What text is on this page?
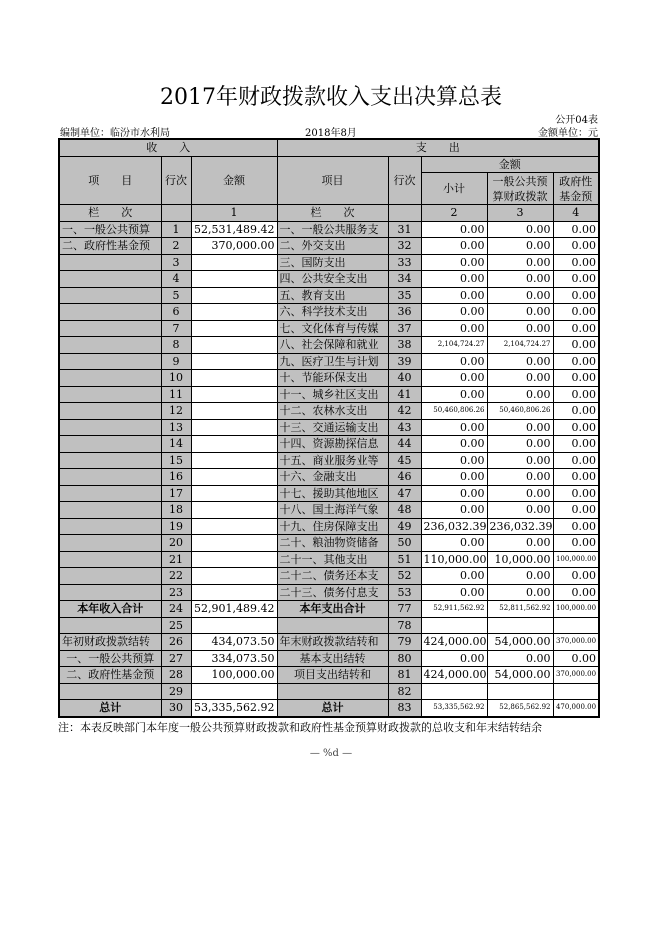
2017年财政拨款收入支出决算总表
公开04表
编制单位：临汾市水利局	2018年8月	金额单位：元
收　　入			支　　出				
项　　目	行次	金额	项目	行次	金额		
					小计	一般公共预算财政拨款	政府性基金预
栏　　次		1	栏　　次		2	3	4
一、一般公共预算	1	52,531,489.42	一、一般公共服务支	31	0.00	0.00	0.00
二、政府性基金预	2	370,000.00	二、外交支出	32	0.00	0.00	0.00
	3		三、国防支出	33	0.00	0.00	0.00
	4		四、公共安全支出	34	0.00	0.00	0.00
	5		五、教育支出	35	0.00	0.00	0.00
	6		六、科学技术支出	36	0.00	0.00	0.00
	7		七、文化体育与传媒	37	0.00	0.00	0.00
	8		八、社会保障和就业	38	2,104,724.27	2,104,724.27	0.00
	9		九、医疗卫生与计划	39	0.00	0.00	0.00
	10		十、节能环保支出	40	0.00	0.00	0.00
	11		十一、城乡社区支出	41	0.00	0.00	0.00
	12		十二、农林水支出	42	50,460,806.26	50,460,806.26	0.00
	13		十三、交通运输支出	43	0.00	0.00	0.00
	14		十四、资源勘探信息	44	0.00	0.00	0.00
	15		十五、商业服务业等	45	0.00	0.00	0.00
	16		十六、金融支出	46	0.00	0.00	0.00
	17		十七、援助其他地区	47	0.00	0.00	0.00
	18		十八、国土海洋气象	48	0.00	0.00	0.00
	19		十九、住房保障支出	49	236,032.39	236,032.39	0.00
	20		二十、粮油物资储备	50	0.00	0.00	0.00
	21		二十一、其他支出	51	110,000.00	10,000.00	100,000.00
	22		二十二、债务还本支	52	0.00	0.00	0.00
	23		二十三、债务付息支	53	0.00	0.00	0.00
本年收入合计	24	52,901,489.42	本年支出合计	77	52,911,562.92	52,811,562.92	100,000.00
	25			78			
年初财政拨款结转	26	434,073.50	年末财政拨款结转和	79	424,000.00	54,000.00	370,000.00
一、一般公共预算	27	334,073.50	基本支出结转	80	0.00	0.00	0.00
二、政府性基金预	28	100,000.00	项目支出结转和	81	424,000.00	54,000.00	370,000.00
	29			82			
总计	30	53,335,562.92	总计	83	53,335,562.92	52,865,562.92	470,000.00
注：本表反映部门本年度一般公共预算财政拨款和政府性基金预算财政拨款的总收支和年末结转结余
— %d —
